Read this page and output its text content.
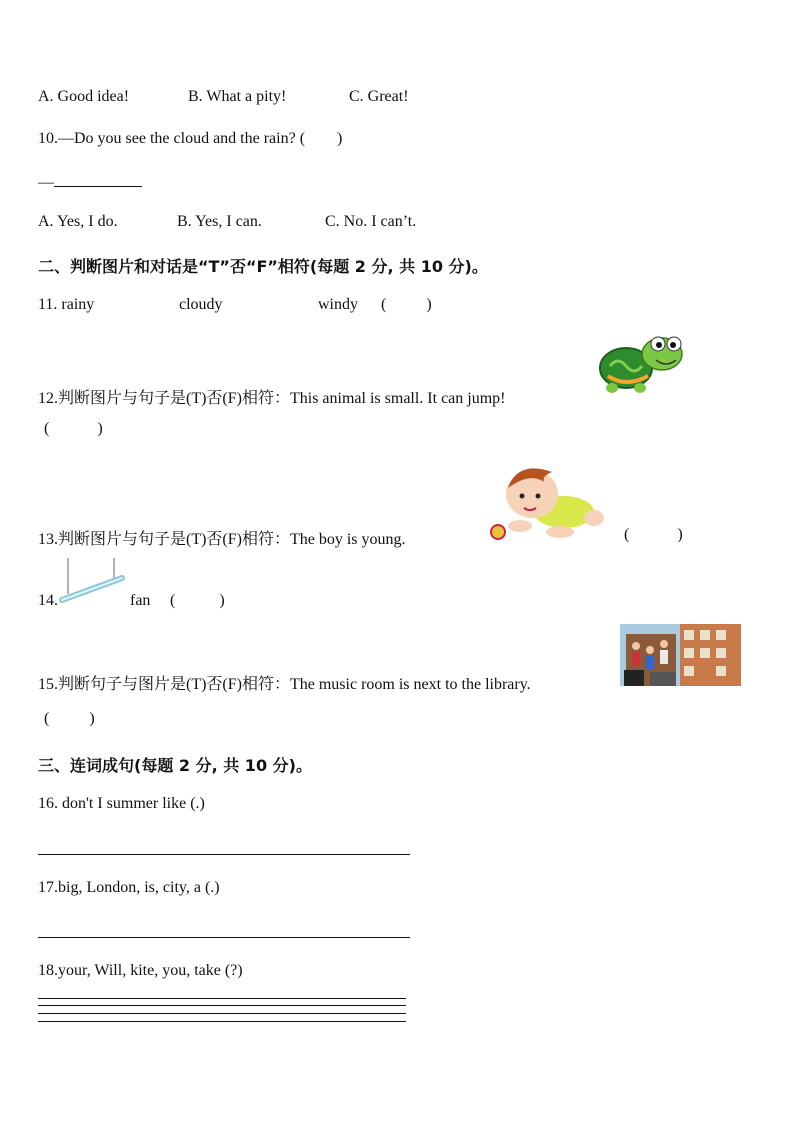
A. Good idea!	B. What a pity!	C. Great!
10.—Do you see the cloud and the rain? (        )
—
A. Yes, I do.	B. Yes, I can.	C. No. I can’t.
二、判断图片和对话是“T”否“F”相符(每题 2 分, 共 10 分)。
11. rainy	cloudy	windy (          )
12.判断图片与句子是(T)否(F)相符：This animal is small. It can jump!
(            )
13.判断图片与句子是(T)否(F)相符：The boy is young.	(            )
14.	fan (           )
15.判断句子与图片是(T)否(F)相符：The music room is next to the library.
(          )
三、连词成句(每题 2 分, 共 10 分)。
16. don't I summer like (.)
17.big, London, is, city, a (.)
18.your, Will, kite, you, take (?)
